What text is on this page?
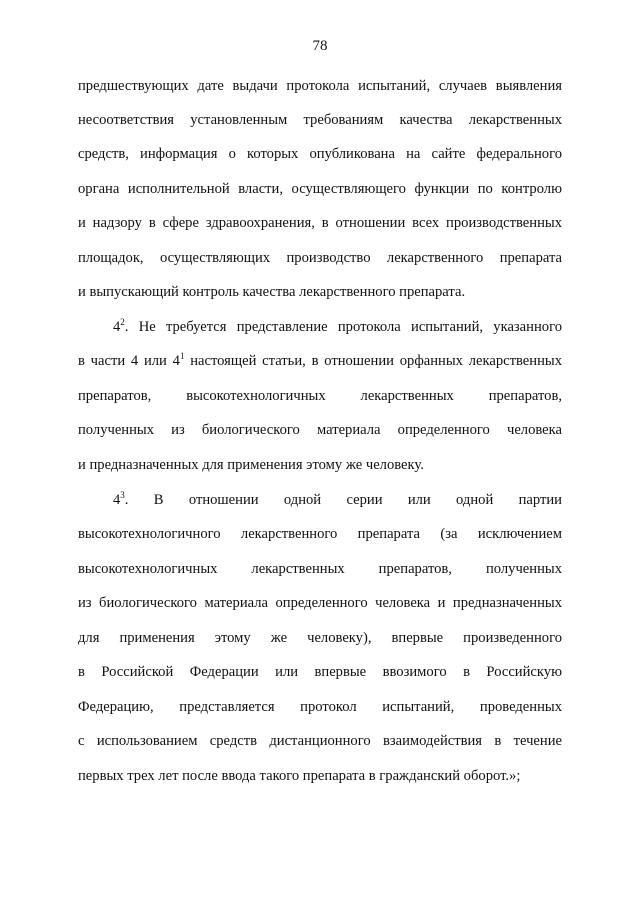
78
предшествующих дате выдачи протокола испытаний, случаев выявления
несоответствия установленным требованиям качества лекарственных
средств, информация о которых опубликована на сайте федерального
органа исполнительной власти, осуществляющего функции по контролю
и надзору в сфере здравоохранения, в отношении всех производственных
площадок, осуществляющих производство лекарственного препарата
и выпускающий контроль качества лекарственного препарата.
$4^2$. Не требуется представление протокола испытаний, указанного
в части 4 или $4^1$ настоящей статьи, в отношении орфанных лекарственных
препаратов, высокотехнологичных лекарственных препаратов,
полученных из биологического материала определенного человека
и предназначенных для применения этому же человеку.
$4^3$. В отношении одной серии или одной партии
высокотехнологичного лекарственного препарата (за исключением
высокотехнологичных лекарственных препаратов, полученных
из биологического материала определенного человека и предназначенных
для применения этому же человеку), впервые произведенного
в Российской Федерации или впервые ввозимого в Российскую
Федерацию, представляется протокол испытаний, проведенных
с использованием средств дистанционного взаимодействия в течение
первых трех лет после ввода такого препарата в гражданский оборот.»;
